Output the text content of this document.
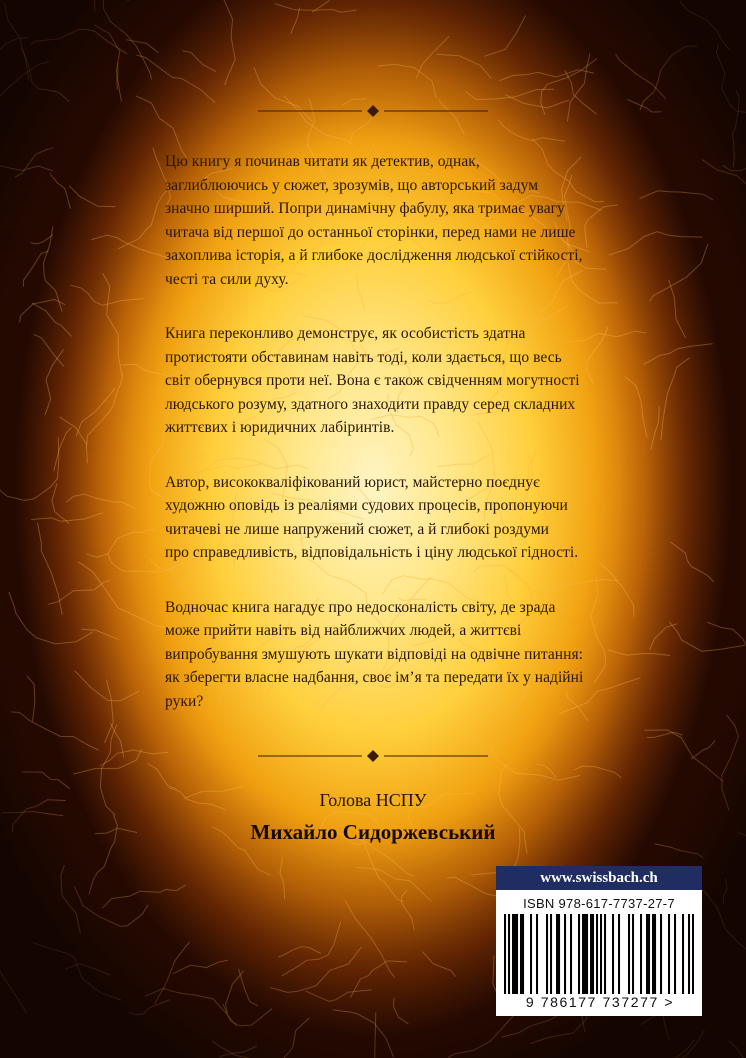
Цю книгу я починав читати як детектив, однак,
заглиблюючись у сюжет, зрозумів, що авторський задум
значно ширший. Попри динамічну фабулу, яка тримає увагу
читача від першої до останньої сторінки, перед нами не лише
захоплива історія, а й глибоке дослідження людської стійкості,
честі та сили духу.

Книга переконливо демонструє, як особистість здатна
протистояти обставинам навіть тоді, коли здається, що весь
світ обернувся проти неї. Вона є також свідченням могутності
людського розуму, здатного знаходити правду серед складних
життєвих і юридичних лабіринтів.

Автор, висококваліфікований юрист, майстерно поєднує
художню оповідь із реаліями судових процесів, пропонуючи
читачеві не лише напружений сюжет, а й глибокі роздуми
про справедливість, відповідальність і ціну людської гідності.

Водночас книга нагадує про недосконалість світу, де зрада
може прийти навіть від найближчих людей, а життєві
випробування змушують шукати відповіді на одвічне питання:
як зберегти власне надбання, своє ім’я та передати їх у надійні
руки?

Голова НСПУ
Михайло Сидоржевський
www.swissbach.ch
ISBN 978-617-7737-27-7
9 786177 737277 >
